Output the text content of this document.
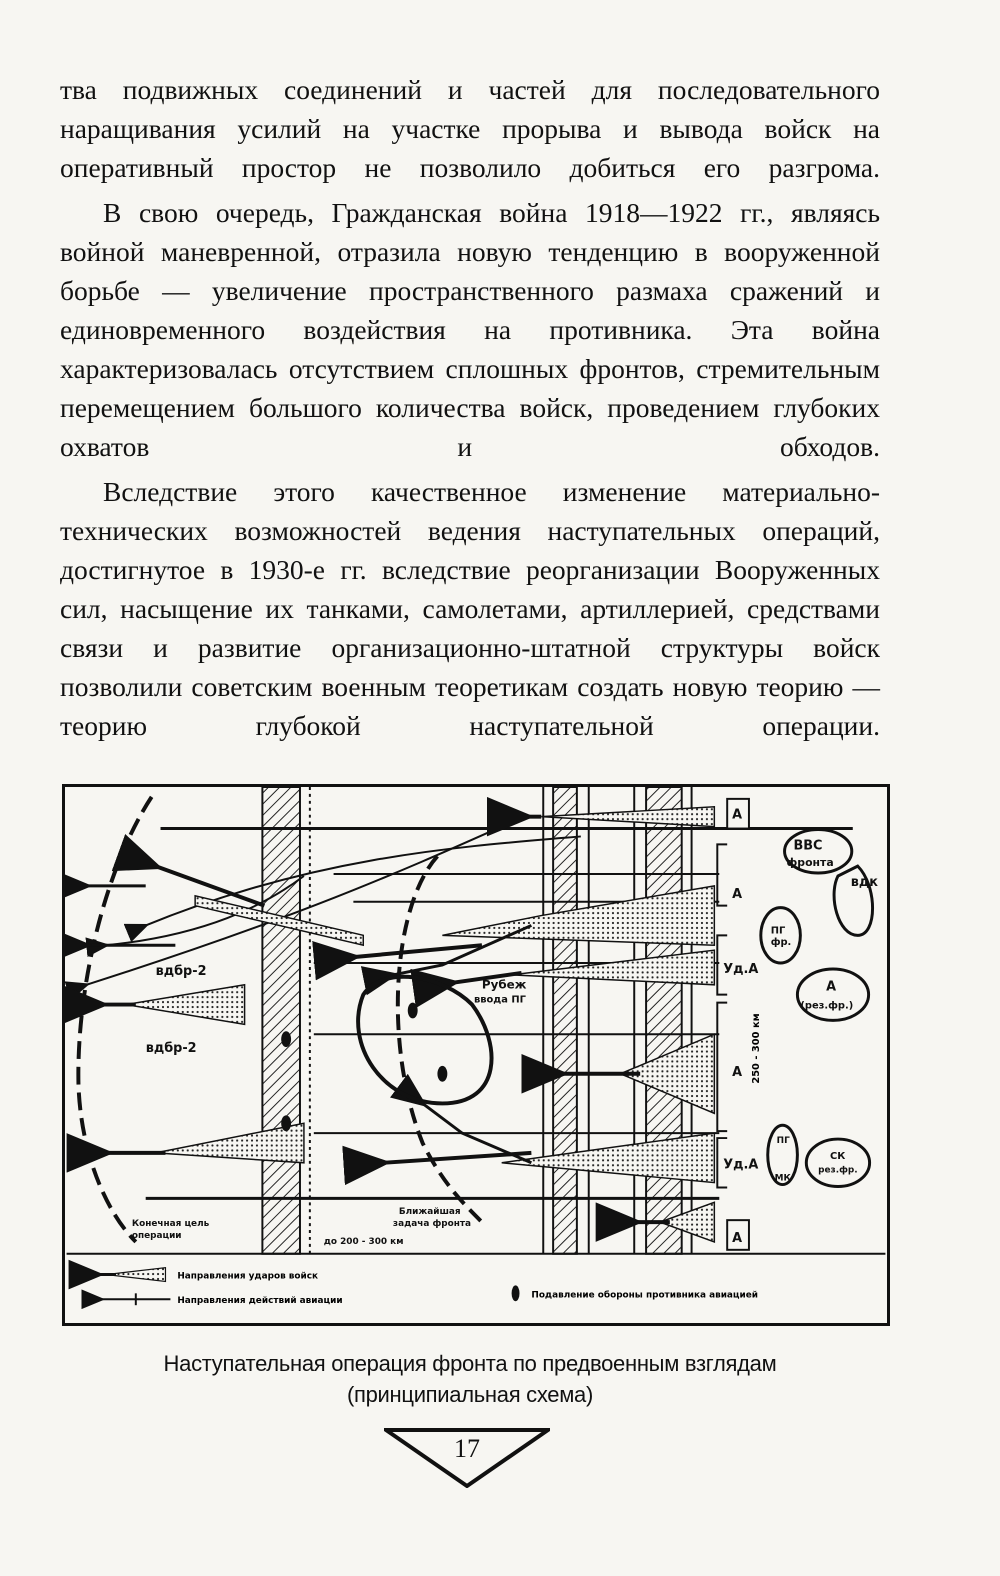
тва подвижных соединений и частей для последовательного наращивания усилий на участке прорыва и вывода войск на оперативный простор не позволило добиться его разгрома.

В свою очередь, Гражданская война 1918—1922 гг., являясь войной маневренной, отразила новую тенденцию в вооруженной борьбе — увеличение пространственного размаха сражений и единовременного воздействия на противника. Эта война характеризовалась отсутствием сплошных фронтов, стремительным перемещением большого количества войск, проведением глубоких охватов и обходов.

Вследствие этого качественное изменение материально-технических возможностей ведения наступательных операций, достигнутое в 1930-е гг. вследствие реорганизации Вооруженных сил, насыщение их танками, самолетами, артиллерией, средствами связи и развитие организационно-штатной структуры войск позволили советским военным теоретикам создать новую теорию — теорию глубокой наступательной операции.

ВВС
фронта
вдк
А
А
ПГ
фр.
Уд.А
А
(рез.фр.)
А
Уд.А
ПГ
МК
СК
рез.фр.
А
вдбр-2
вдбр-2
Рубеж
ввода ПГ
Конечная цель
операции
Ближайшая
задача фронта
до 200 - 300 км
250 - 300 км
Направления ударов войск
Направления действий авиации
Подавление обороны противника авиацией
Наступательная операция фронта по предвоенным взглядам
(принципиальная схема)
17
